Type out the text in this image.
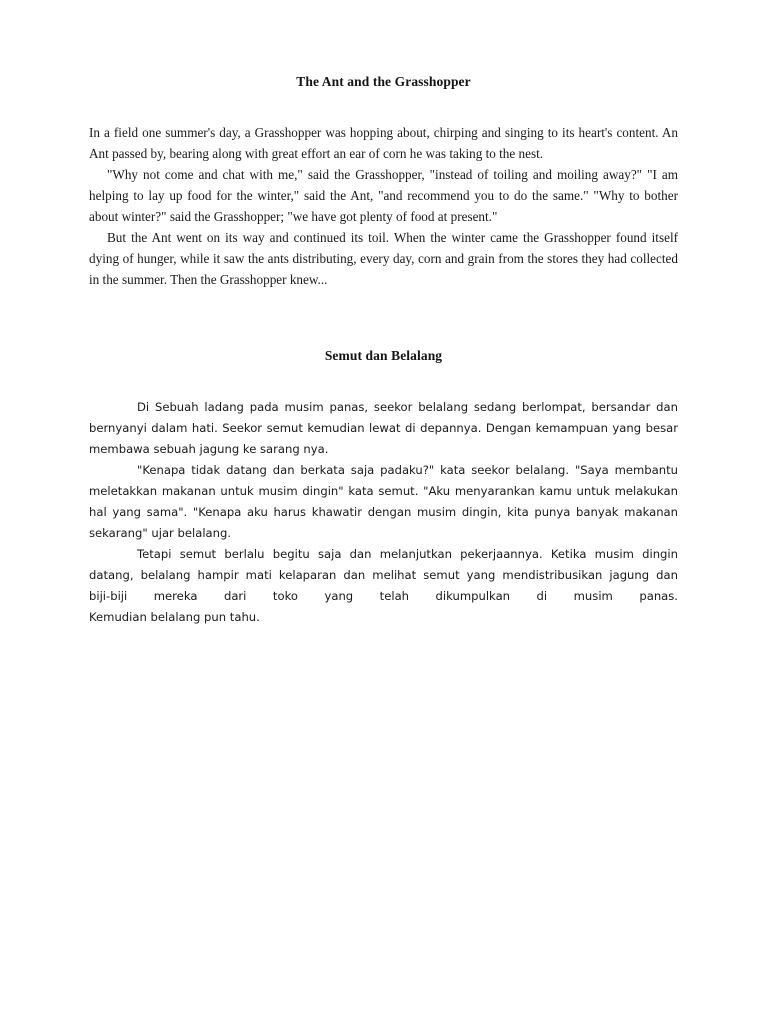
The Ant and the Grasshopper

In a field one summer's day, a Grasshopper was hopping about, chirping and singing to its heart's content. An Ant passed by, bearing along with great effort an ear of corn he was taking to the nest.

"Why not come and chat with me," said the Grasshopper, "instead of toiling and moiling away?" "I am helping to lay up food for the winter," said the Ant, "and recommend you to do the same." "Why to bother about winter?" said the Grasshopper; "we have got plenty of food at present."

But the Ant went on its way and continued its toil. When the winter came the Grasshopper found itself dying of hunger, while it saw the ants distributing, every day, corn and grain from the stores they had collected in the summer. Then the Grasshopper knew...

Semut dan Belalang

Di Sebuah ladang pada musim panas, seekor belalang sedang berlompat, bersandar dan bernyanyi dalam hati. Seekor semut kemudian lewat di depannya. Dengan kemampuan yang besar membawa sebuah jagung ke sarang nya.

"Kenapa tidak datang dan berkata saja padaku?" kata seekor belalang. "Saya membantu meletakkan makanan untuk musim dingin" kata semut. "Aku menyarankan kamu untuk melakukan hal yang sama". "Kenapa aku harus khawatir dengan musim dingin, kita punya banyak makanan sekarang" ujar belalang.

Tetapi semut berlalu begitu saja dan melanjutkan pekerjaannya. Ketika musim dingin datang, belalang hampir mati kelaparan dan melihat semut yang mendistribusikan jagung dan

biji-biji mereka dari toko yang telah dikumpulkan di musim panas.

Kemudian belalang pun tahu.
